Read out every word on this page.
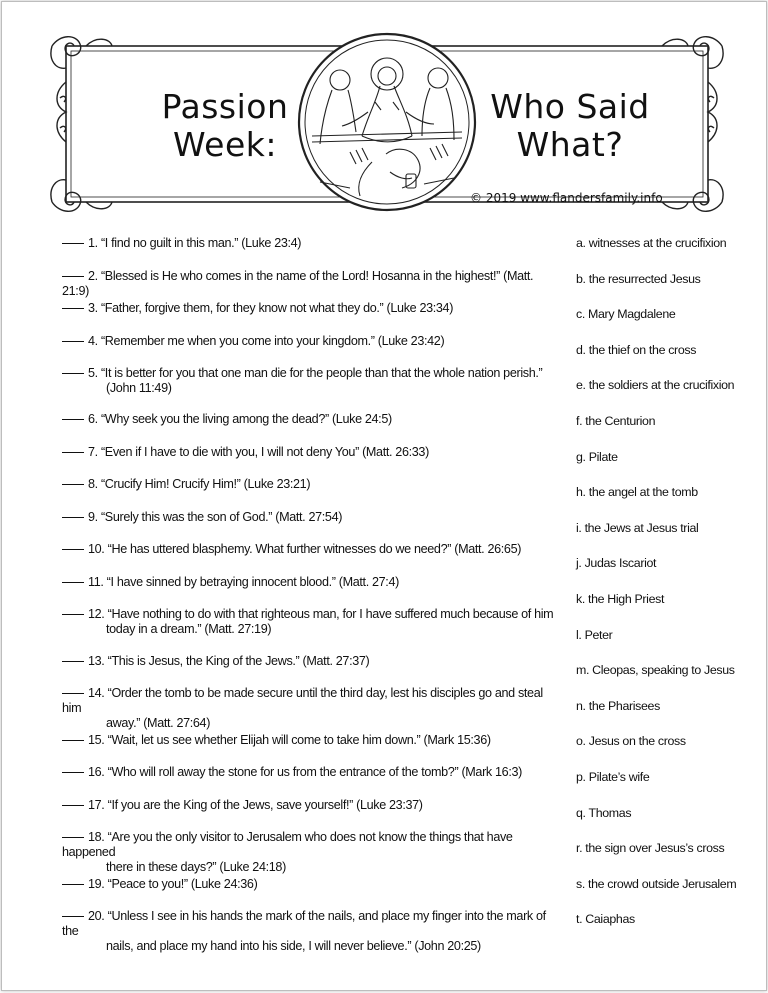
Passion
Week:
Who Said
What?
© 2019 www.flandersfamily.info
1. “I find no guilt in this man.” (Luke 23:4)
2. “Blessed is He who comes in the name of the Lord! Hosanna in the highest!” (Matt. 21:9)
3. “Father, forgive them, for they know not what they do.” (Luke 23:34)
4. “Remember me when you come into your kingdom.” (Luke 23:42)
5. “It is better for you that one man die for the people than that the whole nation perish.”
(John 11:49)
6. “Why seek you the living among the dead?” (Luke 24:5)
7. “Even if I have to die with you, I will not deny You” (Matt. 26:33)
8. “Crucify Him! Crucify Him!” (Luke 23:21)
9. “Surely this was the son of God.” (Matt. 27:54)
10. “He has uttered blasphemy. What further witnesses do we need?” (Matt. 26:65)
11. “I have sinned by betraying innocent blood.” (Matt. 27:4)
12. “Have nothing to do with that righteous man, for I have suffered much because of him
today in a dream.” (Matt. 27:19)
13. “This is Jesus, the King of the Jews.” (Matt. 27:37)
14. “Order the tomb to be made secure until the third day, lest his disciples go and steal him
away.” (Matt. 27:64)
15. “Wait, let us see whether Elijah will come to take him down.” (Mark 15:36)
16. “Who will roll away the stone for us from the entrance of the tomb?” (Mark 16:3)
17. “If you are the King of the Jews, save yourself!” (Luke 23:37)
18. “Are you the only visitor to Jerusalem who does not know the things that have happened
there in these days?” (Luke 24:18)
19. “Peace to you!” (Luke 24:36)
20. “Unless I see in his hands the mark of the nails, and place my finger into the mark of the
nails, and place my hand into his side, I will never believe.” (John 20:25)
a. witnesses at the crucifixion
b. the resurrected Jesus
c. Mary Magdalene
d. the thief on the cross
e. the soldiers at the crucifixion
f. the Centurion
g. Pilate
h. the angel at the tomb
i. the Jews at Jesus trial
j. Judas Iscariot
k. the High Priest
l. Peter
m. Cleopas, speaking to Jesus
n. the Pharisees
o. Jesus on the cross
p. Pilate’s wife
q. Thomas
r. the sign over Jesus’s cross
s. the crowd outside Jerusalem
t. Caiaphas
